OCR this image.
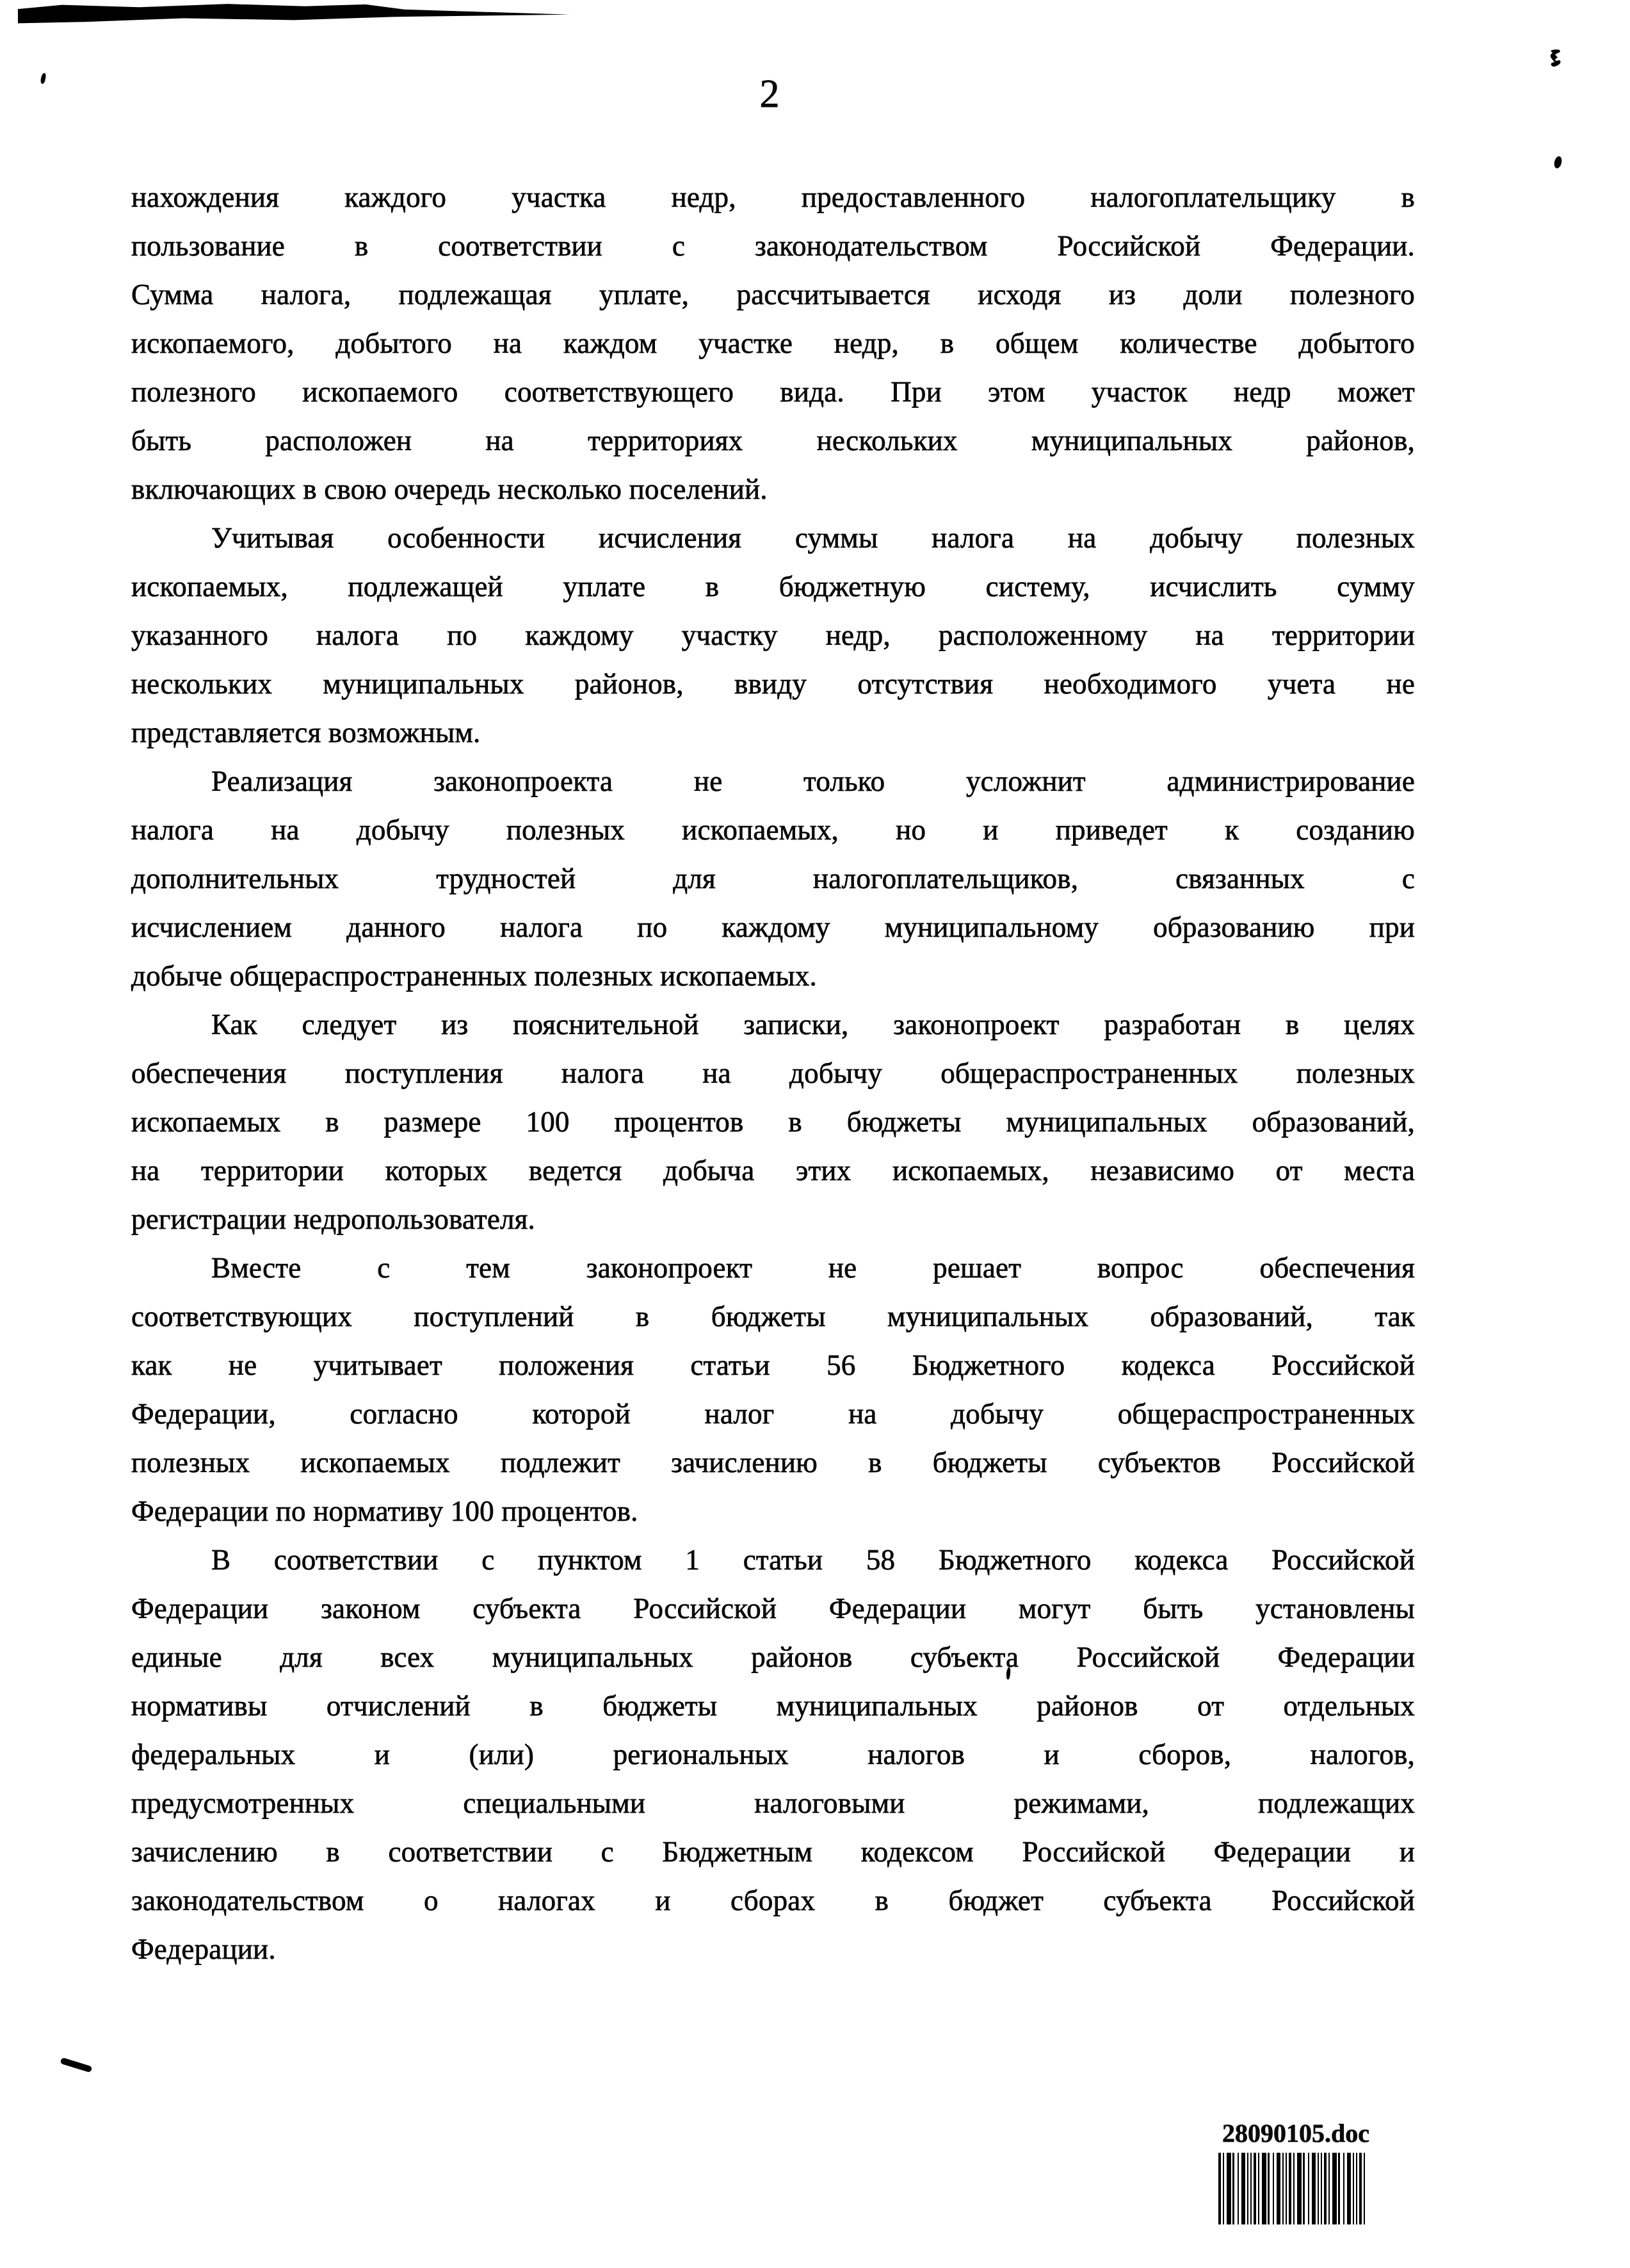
2
нахождения каждого участка недр, предоставленного налогоплательщику в
пользование в соответствии с законодательством Российской Федерации.
Сумма налога, подлежащая уплате, рассчитывается исходя из доли полезного
ископаемого, добытого на каждом участке недр, в общем количестве добытого
полезного ископаемого соответствующего вида. При этом участок недр может
быть расположен на территориях нескольких муниципальных районов,
включающих в свою очередь несколько поселений.
Учитывая особенности исчисления суммы налога на добычу полезных
ископаемых, подлежащей уплате в бюджетную систему, исчислить сумму
указанного налога по каждому участку недр, расположенному на территории
нескольких муниципальных районов, ввиду отсутствия необходимого учета не
представляется возможным.
Реализация законопроекта не только усложнит администрирование
налога на добычу полезных ископаемых, но и приведет к созданию
дополнительных трудностей для налогоплательщиков, связанных с
исчислением данного налога по каждому муниципальному образованию при
добыче общераспространенных полезных ископаемых.
Как следует из пояснительной записки, законопроект разработан в целях
обеспечения поступления налога на добычу общераспространенных полезных
ископаемых в размере 100 процентов в бюджеты муниципальных образований,
на территории которых ведется добыча этих ископаемых, независимо от места
регистрации недропользователя.
Вместе с тем законопроект не решает вопрос обеспечения
соответствующих поступлений в бюджеты муниципальных образований, так
как не учитывает положения статьи 56 Бюджетного кодекса Российской
Федерации, согласно которой налог на добычу общераспространенных
полезных ископаемых подлежит зачислению в бюджеты субъектов Российской
Федерации по нормативу 100 процентов.
В соответствии с пунктом 1 статьи 58 Бюджетного кодекса Российской
Федерации законом субъекта Российской Федерации могут быть установлены
единые для всех муниципальных районов субъекта Российской Федерации
нормативы отчислений в бюджеты муниципальных районов от отдельных
федеральных и (или) региональных налогов и сборов, налогов,
предусмотренных специальными налоговыми режимами, подлежащих
зачислению в соответствии с Бюджетным кодексом Российской Федерации и
законодательством о налогах и сборах в бюджет субъекта Российской
Федерации.
28090105.doc
